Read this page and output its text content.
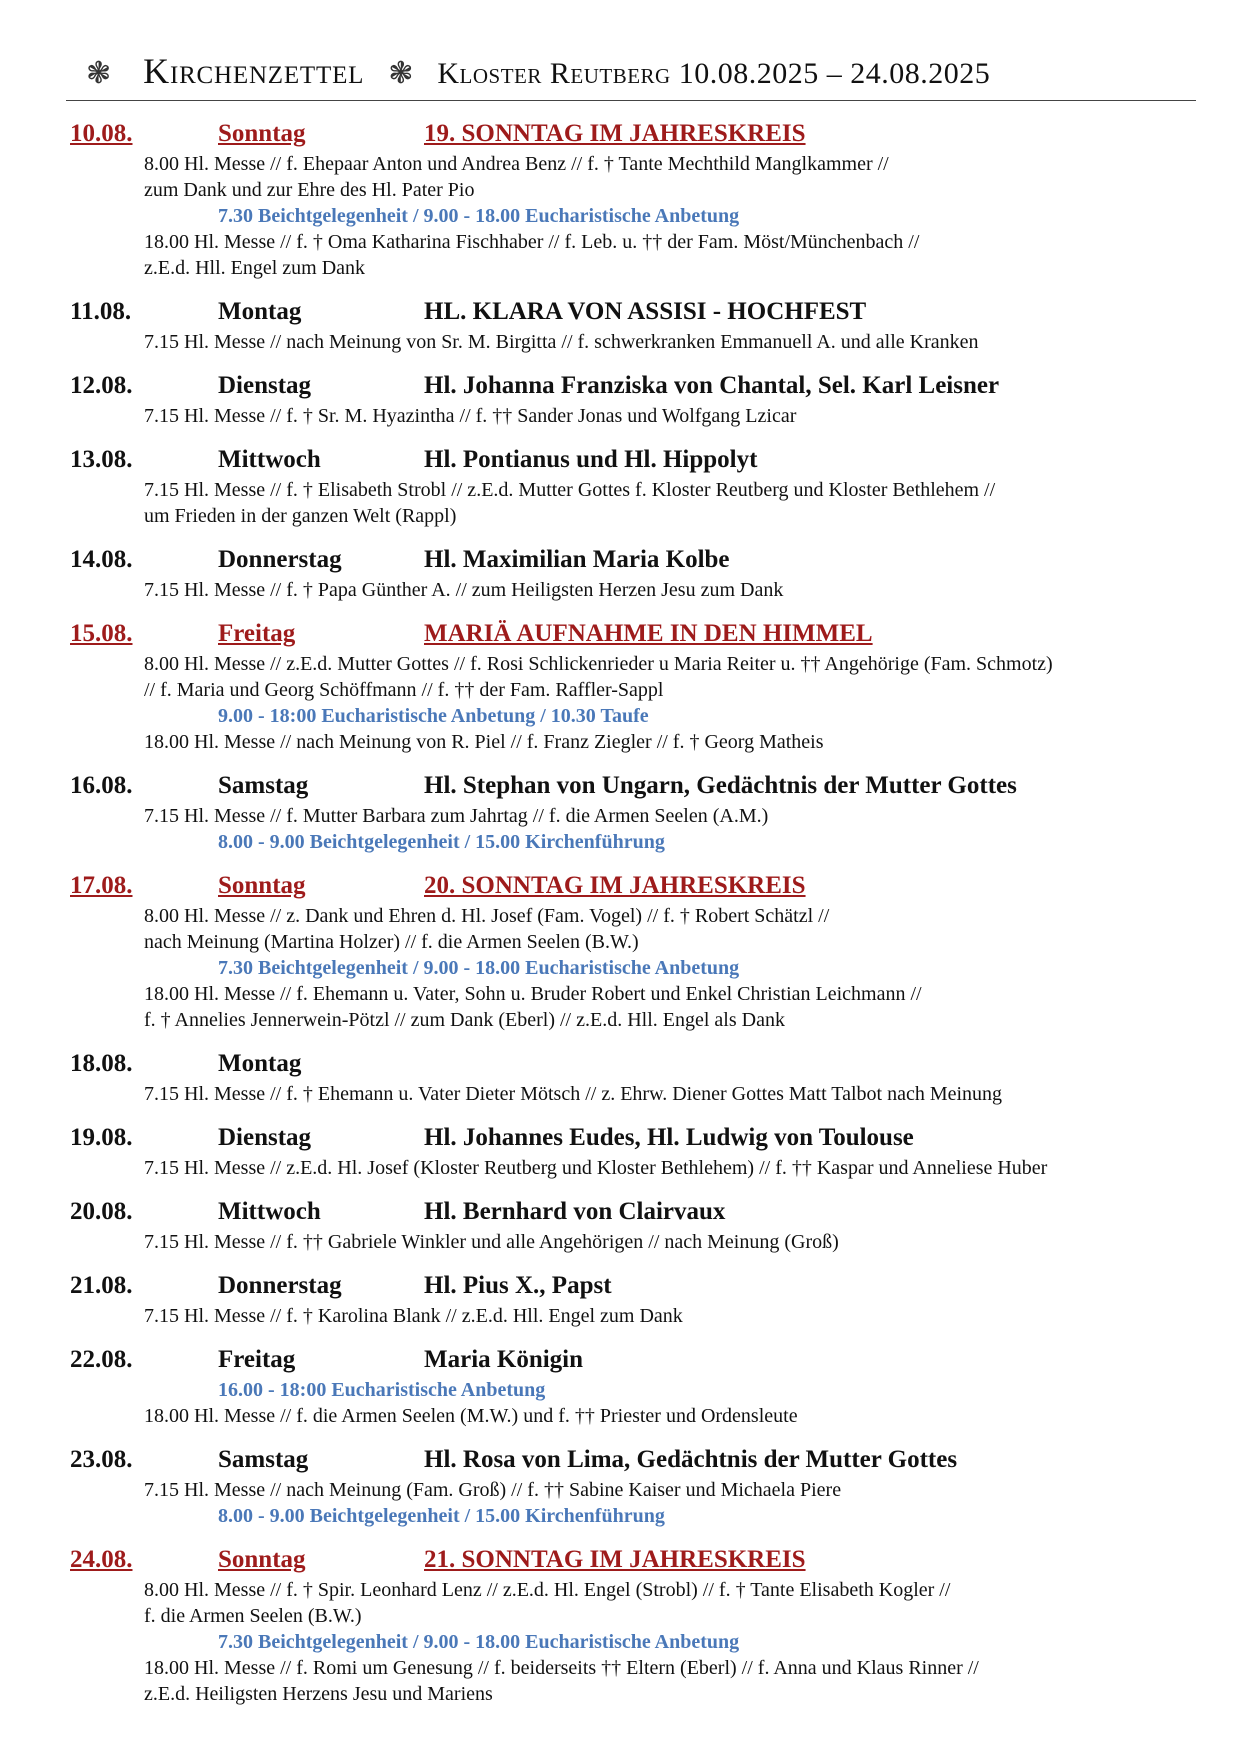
❃ Kirchenzettel ❃ Kloster Reutberg 10.08.2025 – 24.08.2025
10.08.	Sonntag	19. SONNTAG IM JAHRESKREIS
8.00 Hl. Messe // f. Ehepaar Anton und Andrea Benz // f. † Tante Mechthild Manglkammer //
zum Dank und zur Ehre des Hl. Pater Pio
7.30 Beichtgelegenheit / 9.00 - 18.00 Eucharistische Anbetung
18.00 Hl. Messe // f. † Oma Katharina Fischhaber // f. Leb. u. †† der Fam. Möst/Münchenbach //
z.E.d. Hll. Engel zum Dank
11.08.	Montag	HL. KLARA VON ASSISI - HOCHFEST
7.15 Hl. Messe // nach Meinung von Sr. M. Birgitta // f. schwerkranken Emmanuell A. und alle Kranken
12.08.	Dienstag	Hl. Johanna Franziska von Chantal, Sel. Karl Leisner
7.15 Hl. Messe // f. † Sr. M. Hyazintha // f. †† Sander Jonas und Wolfgang Lzicar
13.08.	Mittwoch	Hl. Pontianus und Hl. Hippolyt
7.15 Hl. Messe // f. † Elisabeth Strobl // z.E.d. Mutter Gottes f. Kloster Reutberg und Kloster Bethlehem //
um Frieden in der ganzen Welt (Rappl)
14.08.	Donnerstag	Hl. Maximilian Maria Kolbe
7.15 Hl. Messe // f. † Papa Günther A. // zum Heiligsten Herzen Jesu zum Dank
15.08.	Freitag	MARIÄ AUFNAHME IN DEN HIMMEL
8.00 Hl. Messe // z.E.d. Mutter Gottes // f. Rosi Schlickenrieder u Maria Reiter u. †† Angehörige (Fam. Schmotz)
// f. Maria und Georg Schöffmann // f. †† der Fam. Raffler-Sappl
9.00 - 18:00 Eucharistische Anbetung / 10.30 Taufe
18.00 Hl. Messe // nach Meinung von R. Piel // f. Franz Ziegler // f. † Georg Matheis
16.08.	Samstag	Hl. Stephan von Ungarn, Gedächtnis der Mutter Gottes
7.15 Hl. Messe // f. Mutter Barbara zum Jahrtag // f. die Armen Seelen (A.M.)
8.00 - 9.00 Beichtgelegenheit / 15.00 Kirchenführung
17.08.	Sonntag	20. SONNTAG IM JAHRESKREIS
8.00 Hl. Messe // z. Dank und Ehren d. Hl. Josef (Fam. Vogel) // f. † Robert Schätzl //
nach Meinung (Martina Holzer) // f. die Armen Seelen (B.W.)
7.30 Beichtgelegenheit / 9.00 - 18.00 Eucharistische Anbetung
18.00 Hl. Messe // f. Ehemann u. Vater, Sohn u. Bruder Robert und Enkel Christian Leichmann //
f. † Annelies Jennerwein-Pötzl // zum Dank (Eberl) // z.E.d. Hll. Engel als Dank
18.08.	Montag
7.15 Hl. Messe // f. † Ehemann u. Vater Dieter Mötsch // z. Ehrw. Diener Gottes Matt Talbot nach Meinung
19.08.	Dienstag	Hl. Johannes Eudes, Hl. Ludwig von Toulouse
7.15 Hl. Messe // z.E.d. Hl. Josef (Kloster Reutberg und Kloster Bethlehem) // f. †† Kaspar und Anneliese Huber
20.08.	Mittwoch	Hl. Bernhard von Clairvaux
7.15 Hl. Messe // f. †† Gabriele Winkler und alle Angehörigen // nach Meinung (Groß)
21.08.	Donnerstag	Hl. Pius X., Papst
7.15 Hl. Messe // f. † Karolina Blank // z.E.d. Hll. Engel zum Dank
22.08.	Freitag	Maria Königin
16.00 - 18:00 Eucharistische Anbetung
18.00 Hl. Messe // f. die Armen Seelen (M.W.) und f. †† Priester und Ordensleute
23.08.	Samstag	Hl. Rosa von Lima, Gedächtnis der Mutter Gottes
7.15 Hl. Messe // nach Meinung (Fam. Groß) // f. †† Sabine Kaiser und Michaela Piere
8.00 - 9.00 Beichtgelegenheit / 15.00 Kirchenführung
24.08.	Sonntag	21. SONNTAG IM JAHRESKREIS
8.00 Hl. Messe // f. † Spir. Leonhard Lenz // z.E.d. Hl. Engel (Strobl) // f. † Tante Elisabeth Kogler //
f. die Armen Seelen (B.W.)
7.30 Beichtgelegenheit / 9.00 - 18.00 Eucharistische Anbetung
18.00 Hl. Messe // f. Romi um Genesung // f. beiderseits †† Eltern (Eberl) // f. Anna und Klaus Rinner //
z.E.d. Heiligsten Herzens Jesu und Mariens
